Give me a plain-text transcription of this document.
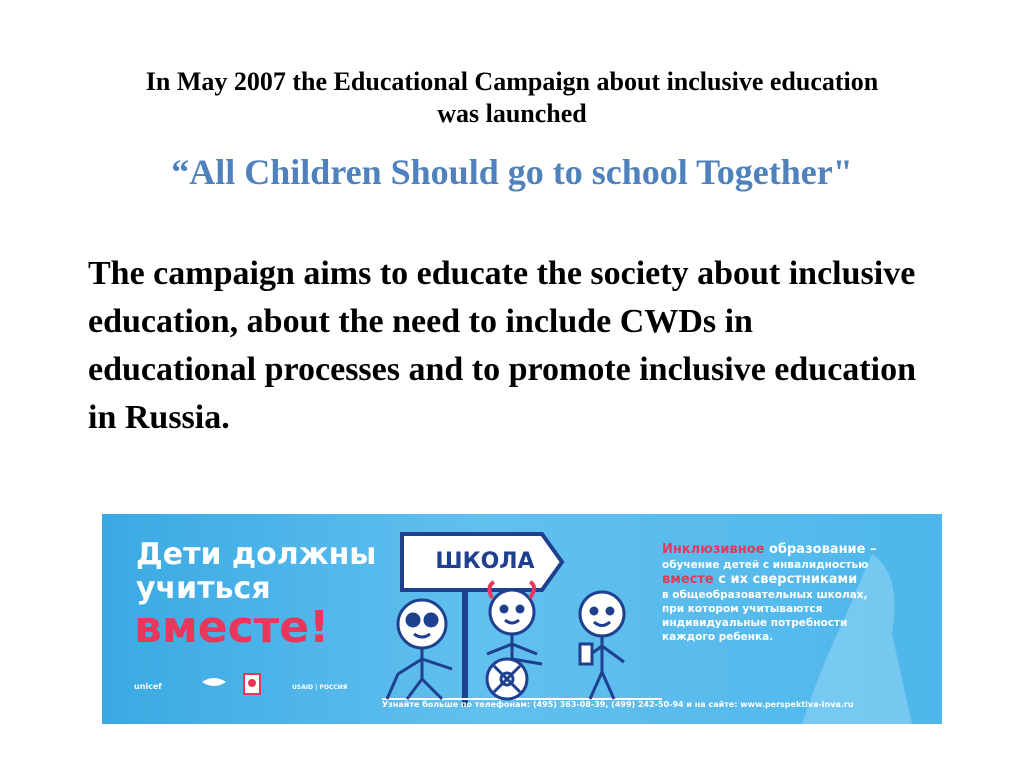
In May 2007 the Educational Campaign about inclusive education
was launched
“All Children Should go to school Together"
The campaign aims to educate the society about inclusive education, about the need to include CWDs in educational processes and to promote inclusive education in Russia.
Дети должны
учиться
вместе!
ШКОЛА	Инклюзивное образование –
обучение детей с инвалидностью
вместе с их сверстниками
в общеобразовательных школах,
при котором учитываются
индивидуальные потребности
каждого ребенка.
unicef	USAID | РОССИЯ
Узнайте больше по телефонам: (495) 363-08-39, (499) 242-50-94 и на сайте: www.perspektiva-inva.ru
